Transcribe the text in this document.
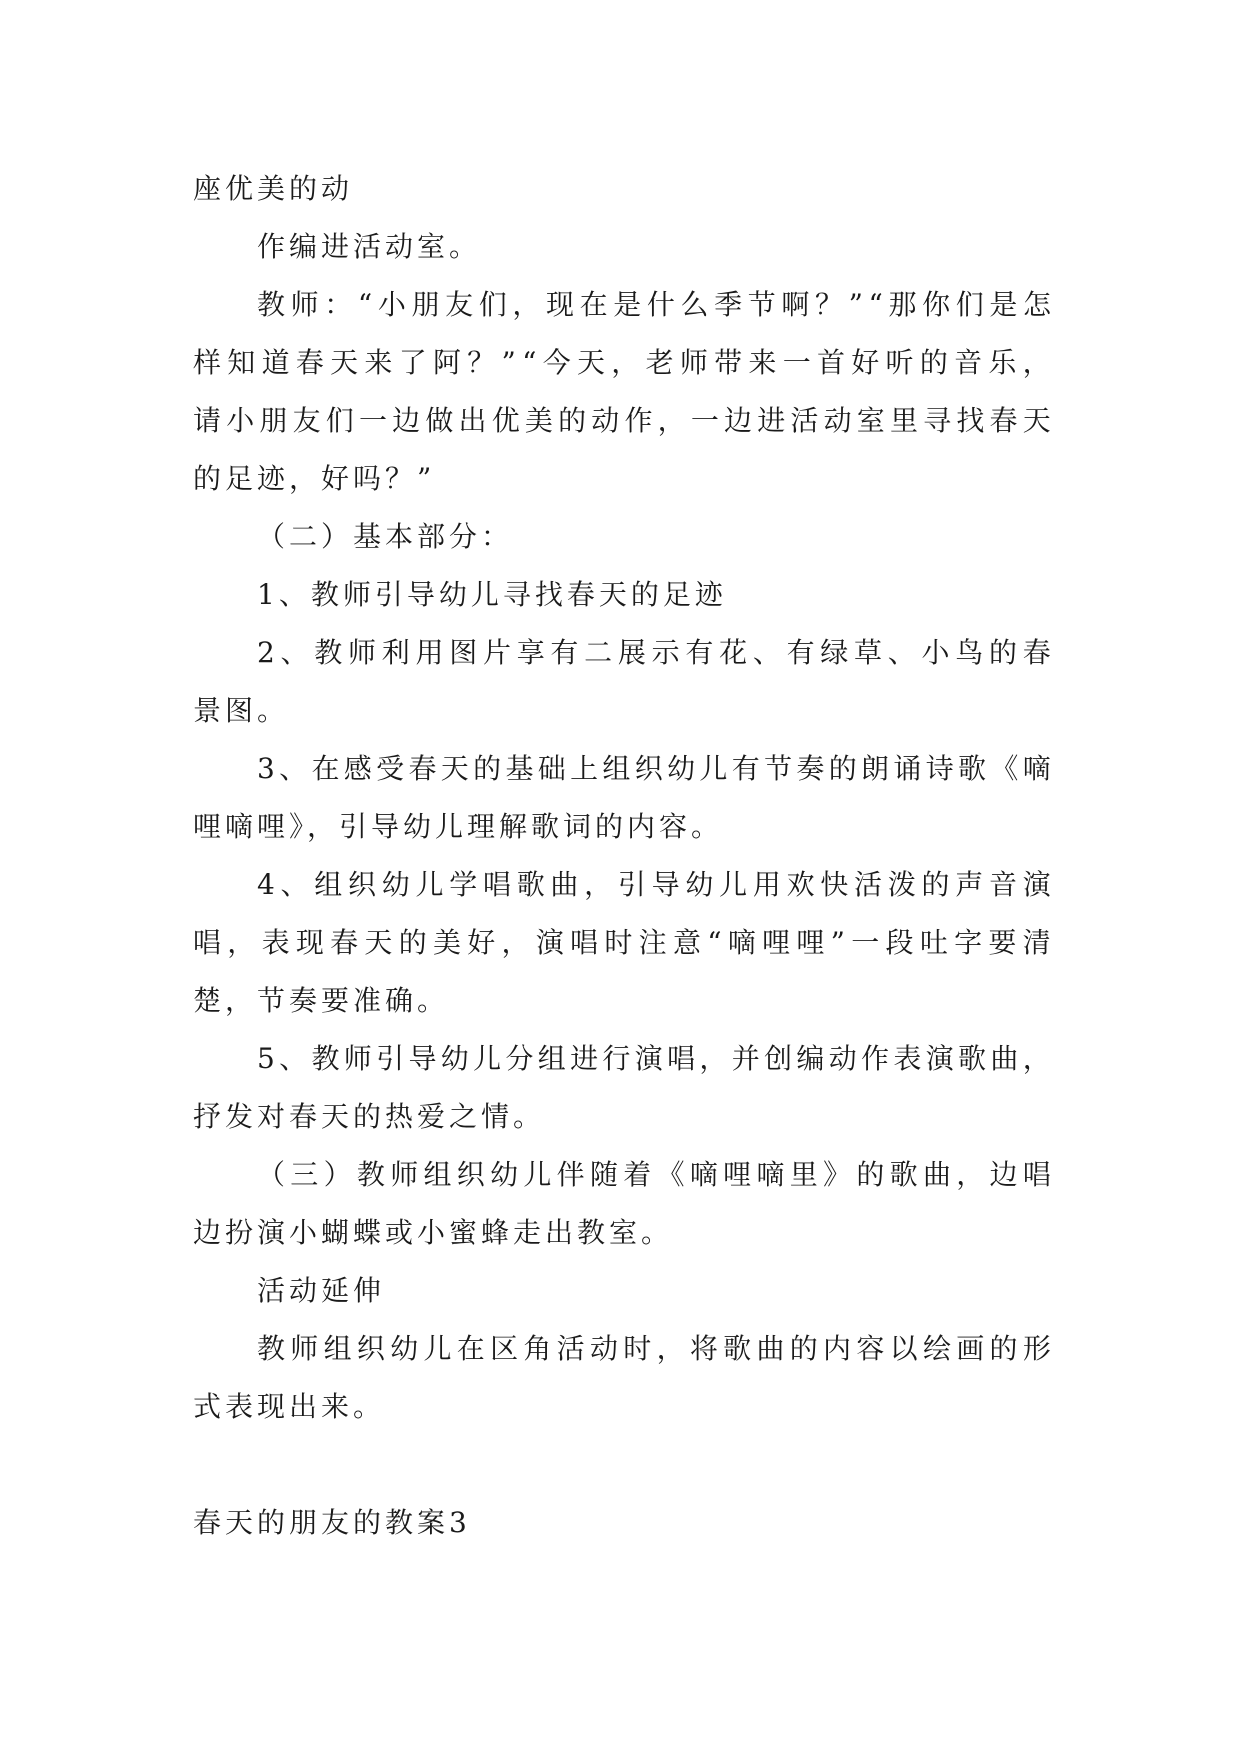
座优美的动
作编进活动室。
教 师 ： “ 小 朋 友 们 ， 现 在 是 什 么 季 节 啊 ？ ” “ 那 你 们 是 怎
样 知 道 春 天 来 了 阿 ？ ” “ 今 天 ， 老 师 带 来 一 首 好 听 的 音 乐 ，
请 小 朋 友 们 一 边 做 出 优 美 的 动 作 ， 一 边 进 活 动 室 里 寻 找 春 天
的足迹，好吗？”
（二）基本部分：
1、教师引导幼儿寻找春天的足迹
2 、 教 师 利 用 图 片 享 有 二 展 示 有 花 、 有 绿 草 、 小 鸟 的 春
景图。
3 、 在 感 受 春 天 的 基 础 上 组 织 幼 儿 有 节 奏 的 朗 诵 诗 歌 《 嘀
哩嘀哩》，引导幼儿理解歌词的内容。
4 、 组 织 幼 儿 学 唱 歌 曲 ， 引 导 幼 儿 用 欢 快 活 泼 的 声 音 演
唱 ， 表 现 春 天 的 美 好 ， 演 唱 时 注 意 “ 嘀 哩 哩 ” 一 段 吐 字 要 清
楚，节奏要准确。
5 、 教 师 引 导 幼 儿 分 组 进 行 演 唱 ， 并 创 编 动 作 表 演 歌 曲 ，
抒发对春天的热爱之情。
（ 三 ） 教 师 组 织 幼 儿 伴 随 着 《 嘀 哩 嘀 里 》 的 歌 曲 ， 边 唱
边扮演小蝴蝶或小蜜蜂走出教室。
活动延伸
教 师 组 织 幼 儿 在 区 角 活 动 时 ， 将 歌 曲 的 内 容 以 绘 画 的 形
式表现出来。
春天的朋友的教案3
